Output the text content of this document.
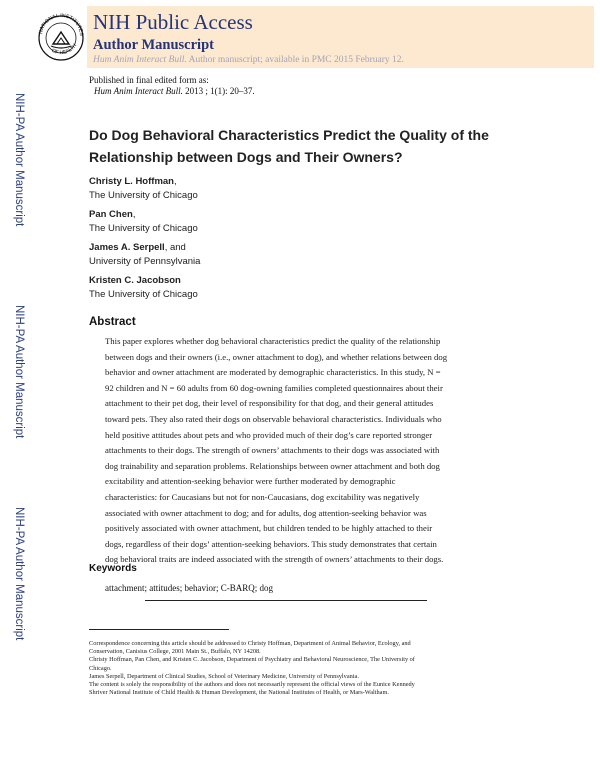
NATIONAL INSTITUTES
OF HEALTH
NIH Public Access
Author Manuscript
Hum Anim Interact Bull. Author manuscript; available in PMC 2015 February 12.
NIH-PA Author Manuscript
NIH-PA Author Manuscript
NIH-PA Author Manuscript
Published in final edited form as:
Hum Anim Interact Bull. 2013 ; 1(1): 20–37.
Do Dog Behavioral Characteristics Predict the Quality of the
Relationship between Dogs and Their Owners?
Christy L. Hoffman,
The University of Chicago
Pan Chen,
The University of Chicago
James A. Serpell, and
University of Pennsylvania
Kristen C. Jacobson
The University of Chicago
Abstract
This paper explores whether dog behavioral characteristics predict the quality of the relationship
between dogs and their owners (i.e., owner attachment to dog), and whether relations between dog
behavior and owner attachment are moderated by demographic characteristics. In this study, N =
92 children and N = 60 adults from 60 dog-owning families completed questionnaires about their
attachment to their pet dog, their level of responsibility for that dog, and their general attitudes
toward pets. They also rated their dogs on observable behavioral characteristics. Individuals who
held positive attitudes about pets and who provided much of their dog’s care reported stronger
attachments to their dogs. The strength of owners’ attachments to their dogs was associated with
dog trainability and separation problems. Relationships between owner attachment and both dog
excitability and attention-seeking behavior were further moderated by demographic
characteristics: for Caucasians but not for non-Caucasians, dog excitability was negatively
associated with owner attachment to dog; and for adults, dog attention-seeking behavior was
positively associated with owner attachment, but children tended to be highly attached to their
dogs, regardless of their dogs’ attention-seeking behaviors. This study demonstrates that certain
dog behavioral traits are indeed associated with the strength of owners’ attachments to their dogs.
Keywords
attachment; attitudes; behavior; C-BARQ; dog
Correspondence concerning this article should be addressed to Christy Hoffman, Department of Animal Behavior, Ecology, and
Conservation, Canisius College, 2001 Main St., Buffalo, NY 14208.
Christy Hoffman, Pan Chen, and Kristen C. Jacobson, Department of Psychiatry and Behavioral Neuroscience, The University of
Chicago.
James Serpell, Department of Clinical Studies, School of Veterinary Medicine, University of Pennsylvania.
The content is solely the responsibility of the authors and does not necessarily represent the official views of the Eunice Kennedy
Shriver National Institute of Child Health & Human Development, the National Institutes of Health, or Mars-Waltham.
